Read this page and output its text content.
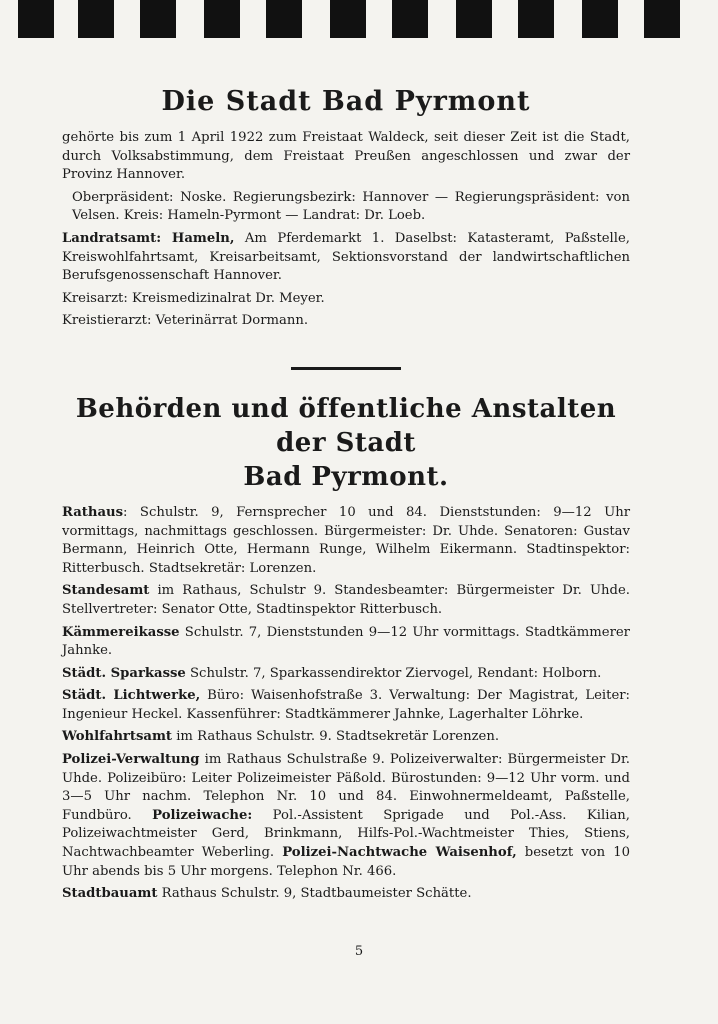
Die Stadt Bad Pyrmont

gehörte bis zum 1 April 1922 zum Freistaat Waldeck, seit dieser Zeit ist die Stadt, durch Volksabstimmung, dem Freistaat Preußen angeschlossen und zwar der Provinz Hannover.

Oberpräsident: Noske. Regierungsbezirk: Hannover — Regierungspräsident: von Velsen. Kreis: Hameln-Pyrmont — Landrat: Dr. Loeb.

Landratsamt: Hameln, Am Pferdemarkt 1. Daselbst: Katasteramt, Paßstelle, Kreiswohlfahrtsamt, Kreisarbeitsamt, Sektionsvorstand der landwirtschaftlichen Berufsgenossenschaft Hannover.

Kreisarzt: Kreismedizinalrat Dr. Meyer.

Kreistierarzt: Veterinärrat Dormann.

Behörden und öffentliche Anstalten der Stadt
Bad Pyrmont.

Rathaus: Schulstr. 9, Fernsprecher 10 und 84. Dienststunden: 9—12 Uhr vormittags, nachmittags geschlossen. Bürgermeister: Dr. Uhde. Senatoren: Gustav Bermann, Heinrich Otte, Hermann Runge, Wilhelm Eikermann. Stadtinspektor: Ritterbusch. Stadtsekretär: Lorenzen.

Standesamt im Rathaus, Schulstr 9. Standesbeamter: Bürgermeister Dr. Uhde. Stellvertreter: Senator Otte, Stadtinspektor Ritterbusch.

Kämmereikasse Schulstr. 7, Dienststunden 9—12 Uhr vormittags. Stadtkämmerer Jahnke.

Städt. Sparkasse Schulstr. 7, Sparkassendirektor Ziervogel, Rendant: Holborn.

Städt. Lichtwerke, Büro: Waisenhofstraße 3. Verwaltung: Der Magistrat, Leiter: Ingenieur Heckel. Kassenführer: Stadtkämmerer Jahnke, Lagerhalter Löhrke.

Wohlfahrtsamt im Rathaus Schulstr. 9. Stadtsekretär Lorenzen.

Polizei-Verwaltung im Rathaus Schulstraße 9. Polizeiverwalter: Bürgermeister Dr. Uhde. Polizeibüro: Leiter Polizeimeister Päßold. Bürostunden: 9—12 Uhr vorm. und 3—5 Uhr nachm. Telephon Nr. 10 und 84. Einwohnermeldeamt, Paßstelle, Fundbüro. Polizeiwache: Pol.-Assistent Sprigade und Pol.-Ass. Kilian, Polizeiwachtmeister Gerd, Brinkmann, Hilfs-Pol.-Wachtmeister Thies, Stiens, Nachtwachbeamter Weberling. Polizei-Nachtwache Waisenhof, besetzt von 10 Uhr abends bis 5 Uhr morgens. Telephon Nr. 466.

Stadtbauamt Rathaus Schulstr. 9, Stadtbaumeister Schätte.

5
